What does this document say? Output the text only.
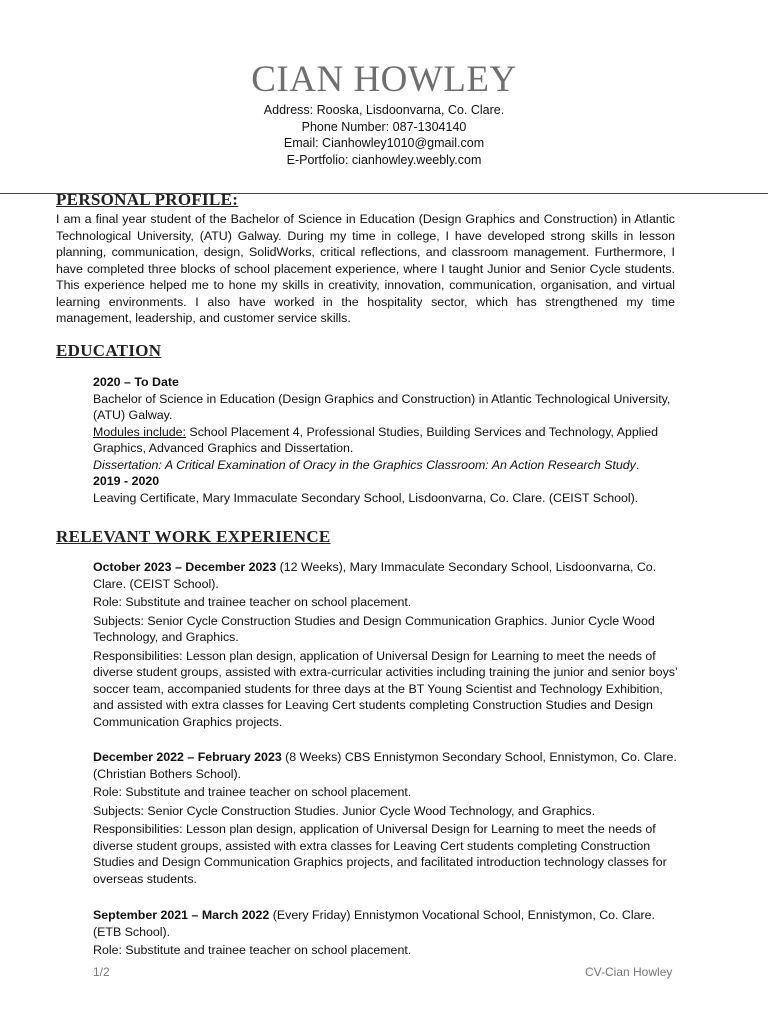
CIAN HOWLEY
Address: Rooska, Lisdoonvarna, Co. Clare.
Phone Number: 087-1304140
Email: Cianhowley1010@gmail.com
E-Portfolio: cianhowley.weebly.com
PERSONAL PROFILE:
I am a final year student of the Bachelor of Science in Education (Design Graphics and Construction) in Atlantic Technological University, (ATU) Galway. During my time in college, I have developed strong skills in lesson planning, communication, design, SolidWorks, critical reflections, and classroom management. Furthermore, I have completed three blocks of school placement experience, where I taught Junior and Senior Cycle students. This experience helped me to hone my skills in creativity, innovation, communication, organisation, and virtual learning environments. I also have worked in the hospitality sector, which has strengthened my time management, leadership, and customer service skills.
EDUCATION

2020 – To Date

Bachelor of Science in Education (Design Graphics and Construction) in Atlantic Technological University, (ATU) Galway.

Modules include: School Placement 4, Professional Studies, Building Services and Technology, Applied Graphics, Advanced Graphics and Dissertation.

Dissertation: A Critical Examination of Oracy in the Graphics Classroom: An Action Research Study.

2019 - 2020

Leaving Certificate, Mary Immaculate Secondary School, Lisdoonvarna, Co. Clare. (CEIST School).

RELEVANT WORK EXPERIENCE

October 2023 – December 2023 (12 Weeks), Mary Immaculate Secondary School, Lisdoonvarna, Co. Clare. (CEIST School).

Role: Substitute and trainee teacher on school placement.

Subjects: Senior Cycle Construction Studies and Design Communication Graphics. Junior Cycle Wood Technology, and Graphics.

Responsibilities: Lesson plan design, application of Universal Design for Learning to meet the needs of diverse student groups, assisted with extra-curricular activities including training the junior and senior boys’ soccer team, accompanied students for three days at the BT Young Scientist and Technology Exhibition, and assisted with extra classes for Leaving Cert students completing Construction Studies and Design Communication Graphics projects.

December 2022 – February 2023 (8 Weeks) CBS Ennistymon Secondary School, Ennistymon, Co. Clare. (Christian Bothers School).

Role: Substitute and trainee teacher on school placement.

Subjects: Senior Cycle Construction Studies. Junior Cycle Wood Technology, and Graphics.

Responsibilities: Lesson plan design, application of Universal Design for Learning to meet the needs of diverse student groups, assisted with extra classes for Leaving Cert students completing Construction Studies and Design Communication Graphics projects, and facilitated introduction technology classes for overseas students.

September 2021 – March 2022 (Every Friday) Ennistymon Vocational School, Ennistymon, Co. Clare. (ETB School).

Role: Substitute and trainee teacher on school placement.

1/2	CV-Cian Howley
